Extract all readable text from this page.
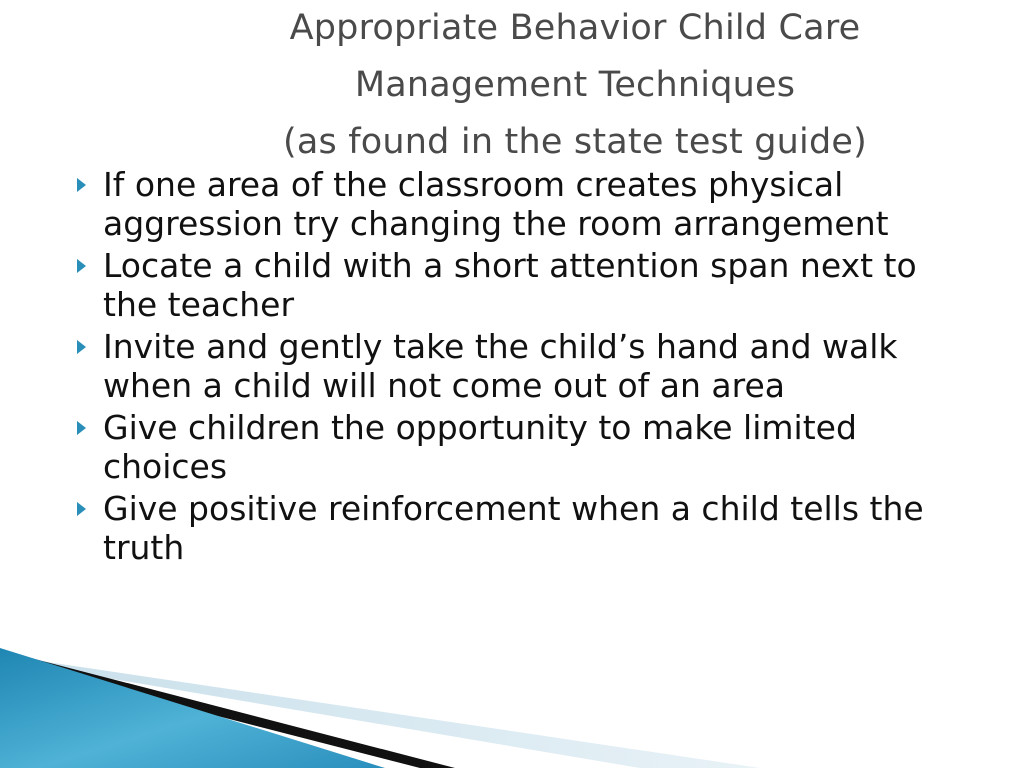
Appropriate Behavior Child Care
Management Techniques
(as found in the state test guide)
If one area of the classroom creates physical aggression try changing the room arrangement
Locate a child with a short attention span next to the teacher
Invite and gently take the child’s hand and walk when a child will not come out of an area
Give children the opportunity to make limited choices
Give positive reinforcement when a child tells the truth
